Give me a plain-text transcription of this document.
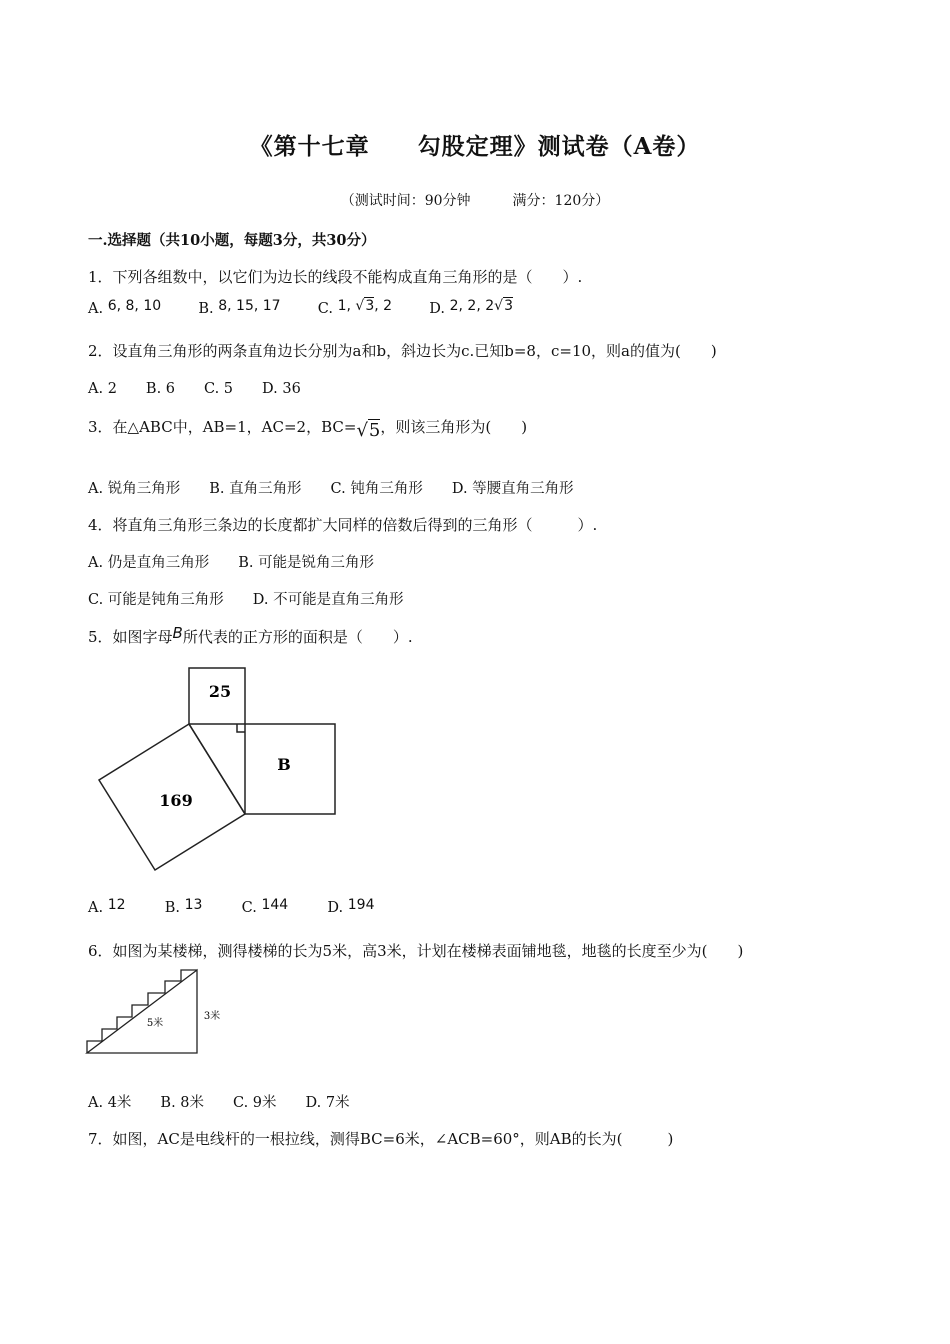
《第十七章　　勾股定理》测试卷（A卷）
（测试时间：90分钟　　　满分：120分）
一.选择题（共10小题，每题3分，共30分）
1．下列各组数中，以它们为边长的线段不能构成直角三角形的是（　　）.
A. 6, 8, 10	B. 8, 15, 17	C. 1, √3, 2	D. 2, 2, 2√3
2．设直角三角形的两条直角边长分别为a和b，斜边长为c.已知b=8，c=10，则a的值为(　　)
A. 2　　B. 6　　C. 5　　D. 36
3．在△ABC中，AB=1，AC=2，BC=√5，则该三角形为(　　)
A. 锐角三角形　　B. 直角三角形　　C. 钝角三角形　　D. 等腰直角三角形
4．将直角三角形三条边的长度都扩大同样的倍数后得到的三角形（　　　）.
A. 仍是直角三角形　　B. 可能是锐角三角形
C. 可能是钝角三角形　　D. 不可能是直角三角形
5．如图字母B所代表的正方形的面积是（　　）.
25
B
169
A. 12	B. 13	C. 144	D. 194
6．如图为某楼梯，测得楼梯的长为5米，高3米，计划在楼梯表面铺地毯，地毯的长度至少为(　　)
5米
3米
A. 4米　　B. 8米　　C. 9米　　D. 7米
7．如图，AC是电线杆的一根拉线，测得BC=6米，∠ACB=60°，则AB的长为(　　　)
